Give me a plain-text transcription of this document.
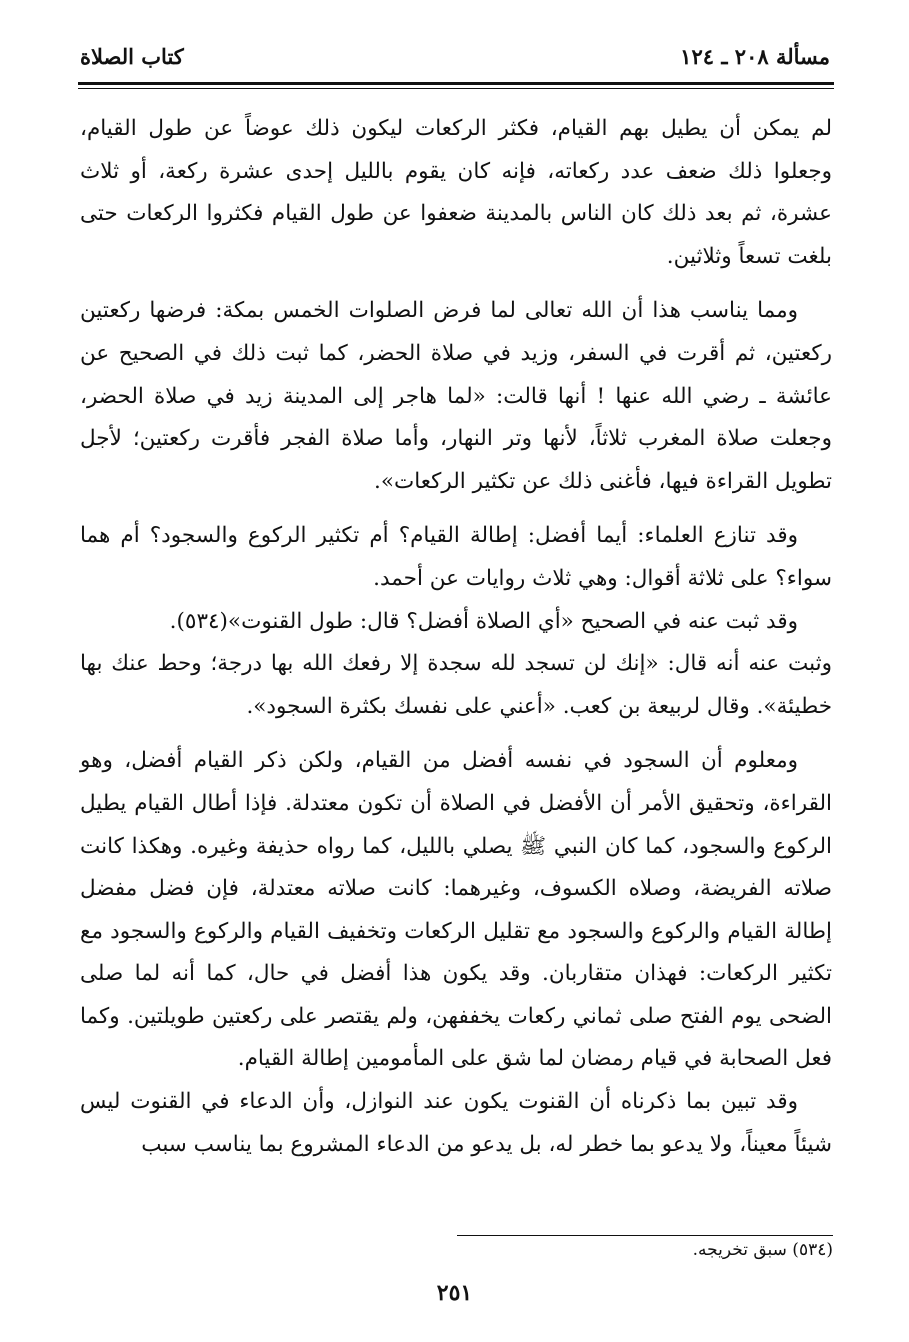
مسألة ٢٠٨ ـ ١٢٤
كتاب الصلاة

لم يمكن أن يطيل بهم القيام، فكثر الركعات ليكون ذلك عوضاً عن طول القيام، وجعلوا ذلك ضعف عدد ركعاته، فإنه كان يقوم بالليل إحدى عشرة ركعة، أو ثلاث عشرة، ثم بعد ذلك كان الناس بالمدينة ضعفوا عن طول القيام فكثروا الركعات حتى بلغت تسعاً وثلاثين.

ومما يناسب هذا أن الله تعالى لما فرض الصلوات الخمس بمكة: فرضها ركعتين ركعتين، ثم أقرت في السفر، وزيد في صلاة الحضر، كما ثبت ذلك في الصحيح عن عائشة ـ رضي الله عنها ! أنها قالت: «لما هاجر إلى المدينة زيد في صلاة الحضر، وجعلت صلاة المغرب ثلاثاً، لأنها وتر النهار، وأما صلاة الفجر فأقرت ركعتين؛ لأجل تطويل القراءة فيها، فأغنى ذلك عن تكثير الركعات».

وقد تنازع العلماء: أيما أفضل: إطالة القيام؟ أم تكثير الركوع والسجود؟ أم هما سواء؟ على ثلاثة أقوال: وهي ثلاث روايات عن أحمد.

وقد ثبت عنه في الصحيح «أي الصلاة أفضل؟ قال: طول القنوت»(٥٣٤).

وثبت عنه أنه قال: «إنك لن تسجد لله سجدة إلا رفعك الله بها درجة؛ وحط عنك بها خطيئة». وقال لربيعة بن كعب. «أعني على نفسك بكثرة السجود».

ومعلوم أن السجود في نفسه أفضل من القيام، ولكن ذكر القيام أفضل، وهو القراءة، وتحقيق الأمر أن الأفضل في الصلاة أن تكون معتدلة. فإذا أطال القيام يطيل الركوع والسجود، كما كان النبي ﷺ يصلي بالليل، كما رواه حذيفة وغيره. وهكذا كانت صلاته الفريضة، وصلاه الكسوف، وغيرهما: كانت صلاته معتدلة، فإن فضل مفضل إطالة القيام والركوع والسجود مع تقليل الركعات وتخفيف القيام والركوع والسجود مع تكثير الركعات: فهذان متقاربان. وقد يكون هذا أفضل في حال، كما أنه لما صلى الضحى يوم الفتح صلى ثماني ركعات يخففهن، ولم يقتصر على ركعتين طويلتين. وكما فعل الصحابة في قيام رمضان لما شق على المأمومين إطالة القيام.

وقد تبين بما ذكرناه أن القنوت يكون عند النوازل، وأن الدعاء في القنوت ليس شيئاً معيناً، ولا يدعو بما خطر له، بل يدعو من الدعاء المشروع بما يناسب سبب

(٥٣٤) سبق تخريجه.
٢٥١
